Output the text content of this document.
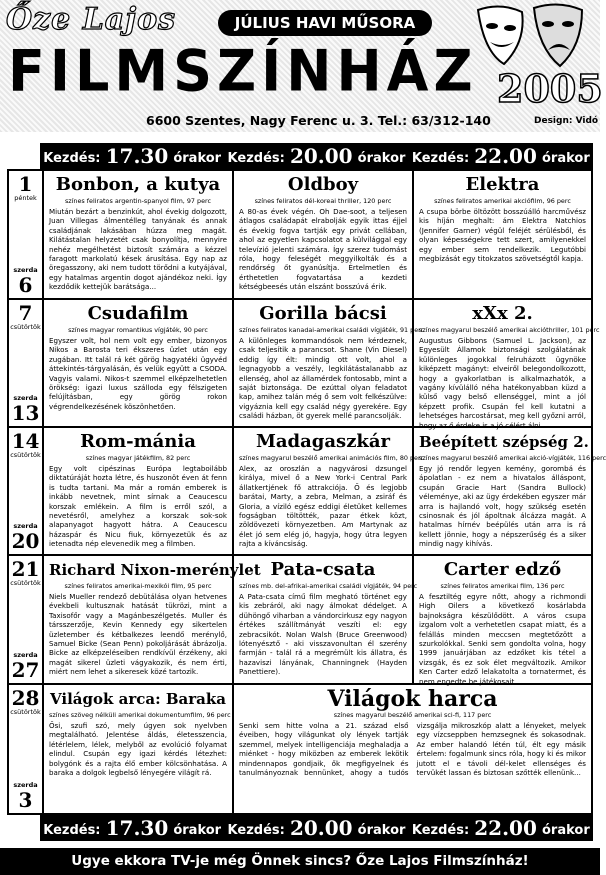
Őze Lajos	JÚLIUS HAVI MŰSORA
FILMSZÍNHÁZ 2005
6600 Szentes, Nagy Ferenc u. 3. Tel.: 63/312-140	Design: Vidó
Kezdés: 17.30 órakor Kezdés: 20.00 órakor Kezdés: 22.00 órakor
1
péntek
szerda
6
Bonbon, a kutya
színes feliratos argentin-spanyol film, 97 perc
Miután bezárt a benzinkút, ahol évekig dolgozott, Juan Villegas álmentélleg tanyának és annak családjának lakásában húzza meg magát. Kilátástalan helyzetét csak bonyolítja, mennyire nehéz megélhetést biztosít számára a kézzel faragott markolatú kések árusítása. Egy nap az öregasszony, aki nem tudott törődni a kutyájával, egy hatalmas argentin dogot ajándékoz neki. Így kezdődik kettejük barátsága...
Oldboy
színes feliratos dél-koreai thriller, 120 perc
A 80-as évek végén. Oh Dae-soot, a teljesen átlagos családapát elrabolják egyik ittas éjjel és évekig fogva tartják egy privát cellában, ahol az egyetlen kapcsolatot a külvilággal egy televízió jelenti számára. Így szerez tudomást róla, hogy feleségét meggyilkolták és a rendőrség őt gyanúsítja. Értelmetlen és érthetetlen fogvatartása a kezdeti kétségbeesés után elszánt bosszúvá érik.
Elektra
színes feliratos amerikai akciófilm, 96 perc
A csupa börbe öltözött bosszúálló harcművész kis híján meghalt: ám Elektra Natchios (Jennifer Garner) végül feléjét sérülésből, és olyan képességekre tett szert, amilyenekkel egy ember sem rendelkezik. Legutóbbi megbízását egy titokzatos szövetségtől kapja.
7
csütörtök
szerda
13
Csudafilm
színes magyar romantikus vígjáték, 90 perc
Egyszer volt, hol nem volt egy ember, bizonyos Nikos a Barosta teri ékszeres üzlet után egy zugában. Itt talál rá két görög hagyatéki ügyvéd áttekintés-tárgyalásán, és velük együtt a CSODA. Vagyis valami. Nikos-t szemmel elképzelhetetlen örökség: igazi luxus szálloda egy félszigeten felújításban, egy görög rokon végrendelkezésének köszönhetően.
Gorilla bácsi
színes feliratos kanadai-amerikai családi vígjáték, 91 perc
A különleges kommandósok nem kérdeznek, csak teljesítik a parancsot. Shane (Vin Diesel) eddig így élt: mindig ott volt, ahol a legnagyobb a veszély, legkilátástalanabb az ellenség, ahol az államérdek fontosabb, mint a saját biztonsága. De ezúttal olyan feladatot kap, amihez talán még ő sem volt felkészülve: vigyáznia kell egy család négy gyerekére. Egy családi házban, öt gyerek mellé parancsolják.
xXx 2.
színes magyarul beszélő amerikai akcióthriller, 101 perc
Augustus Gibbons (Samuel L. Jackson), az Egyesült Államok biztonsági szolgálatának különleges jogokkal felruházott ügynöke kiképzett magányt: elveiről belegondolkozott, hogy a gyakorlatban is alkalmazhatók, a vagány kívülálló néha hatékonyabban küzd a külső vagy belső ellenséggel, mint a jól képzett profik. Csupán fel kell kutatni a lehetséges harcostársat, meg kell győzni arról, hogy az ő érdeke is a jó célért álni.
14
csütörtök
szerda
20
Rom-mánia
színes magyar játékfilm, 82 perc
Egy volt cipészinas Európa legtaboilább diktatúráját hozta létre, és huszonöt éven át fenn is tudta tartani. Ma már a román emberek is inkább nevetnek, mint sírnak a Ceaucescu korszak emlékein. A film is erről szól, a nevetésről, amelyhez a korszak sok-sok alapanyagot hagyott hátra. A Ceaucescu házaspár és Nicu fiuk, környezetük és az ietenadta nép elevenedik meg a filmben.
Madagaszkár
színes magyarul beszélő amerikai animációs film, 80 perc
Alex, az oroszlán a nagyvárosi dzsungel királya, mivel ő a New York-i Central Park állatkertjének fő attrakciója. Ő és legjobb barátai, Marty, a zebra, Melman, a zsiráf és Gloria, a víziló egész eddigi életüket kellemes fogságban töltötték, pazar étkek közt, zöldövezeti környezetben. Am Martynak az élet jó sem elég jó, hagyja, hogy útra legyen rajta a kíváncsiság.
Beépített szépség 2.
színes magyarul beszélő amerikai akció-vígjáték, 116 perc
Egy jó rendőr legyen kemény, gorombá és ápolatlan - ez nem a hivatalos álláspont, csupán Gracie Hart (Sandra Bullock) véleménye, aki az ügy érdekében egyszer már arra is hajlandó volt, hogy szükség esetén csinosnak és jól ápoltnak álcázza magát. A hatalmas hírnév beépülés után arra is rá kellett jönnie, hogy a népszerűség és a siker mindig nagy kihívás.
21
csütörtök
szerda
27
Richard Nixon-merénylet
színes feliratos amerikai-mexikói film, 95 perc
Niels Mueller rendező debütálása olyan hetvenes évekbeli kultusznak hatását tükrözi, mint a Taxisofőr vagy a Magánbeszélgetés. Muller és társszerzője, Kevin Kennedy egy sikertelen üzletember és kétbalkezes leendő merénylő, Samuel Bicke (Sean Penn) pokoljárását ábrázolja. Bicke az elképzeléseiben rendkívül érzékeny, aki magát sikerel üzleti vágyakozik, és nem érti, miért nem lehet a sikeresek közé tartozik.
Pata-csata
színes mb. del-afrikai-amerikai családi vígjáték, 94 perc
A Pata-csata című film megható történet egy kis zebráról, aki nagy álmokat dédelget. A dühöngő viharban a vándorcirkusz egy nagyon értékes szállítmányát veszíti el: egy zebracsikót. Nolan Walsh (Bruce Greenwood) lótenyésztő - aki visszavonultan él szerény farmján - talál rá a megrémült kis állatra, és hazaviszi lányának, Channingnek (Hayden Panettiere).
Carter edző
színes feliratos amerikai film, 136 perc
A fesztiltég egyre nőtt, ahogy a richmondi High Oilers a következő kosárlabda bajnokságra készülődött. A város csupa izgalom volt a verhetetlen csapat miatt, és a felállás minden meccsen megtetőzött a szurkolókkal. Senki sem gondolta volna, hogy 1999 januárjában az edzőket kis tétel a vizsgák, és ez sok élet megváltozik. Amikor Ken Carter edző lelakatolta a tornatermet, és nem engedte be játékosait.
28
csütörtök
szerda
3
Világok arca: Baraka
színes szöveg nélküli amerikai dokumentumfilm, 96 perc
Ősi, szufi szó, mely úgyen sok nyelvben megtalálható. Jelentése áldás, életesszencia, létérlelem, lélek, melyből az evolúció folyamat elindul. Csupán egy igazi kérdés létezhet: bolygónk és a rajta élő ember kölcsönhatása. A baraka a dolgok legbelső lényegére világít rá.
Világok harca
színes magyarul beszélő amerikai sci-fi, 117 perc
Senki sem hitte volna a 21. század első éveiben, hogy világunkat oly lények tartják szemmel, melyek intelligenciája meghaladja a miénket - hogy miközben az emberek lekötik mindennapos gondjaik, ők megfigyelnek és tanulmányoznak bennünket, ahogy a tudós vizsgálja mikroszkóp alatt a lényeket, melyek egy vízcseppben hemzsegnek és sokasodnak. Az ember halandó létén túl, élt egy másik értelem: fogalmunk sincs róla, hogy ki és mikor jutott el e távoli dél-kelet ellenséges és tervükét lassan és biztosan szőtték ellenünk...
Kezdés: 17.30 órakor Kezdés: 20.00 órakor Kezdés: 22.00 órakor
Ugye ekkora TV-je még Önnek sincs? Őze Lajos Filmszínház!
